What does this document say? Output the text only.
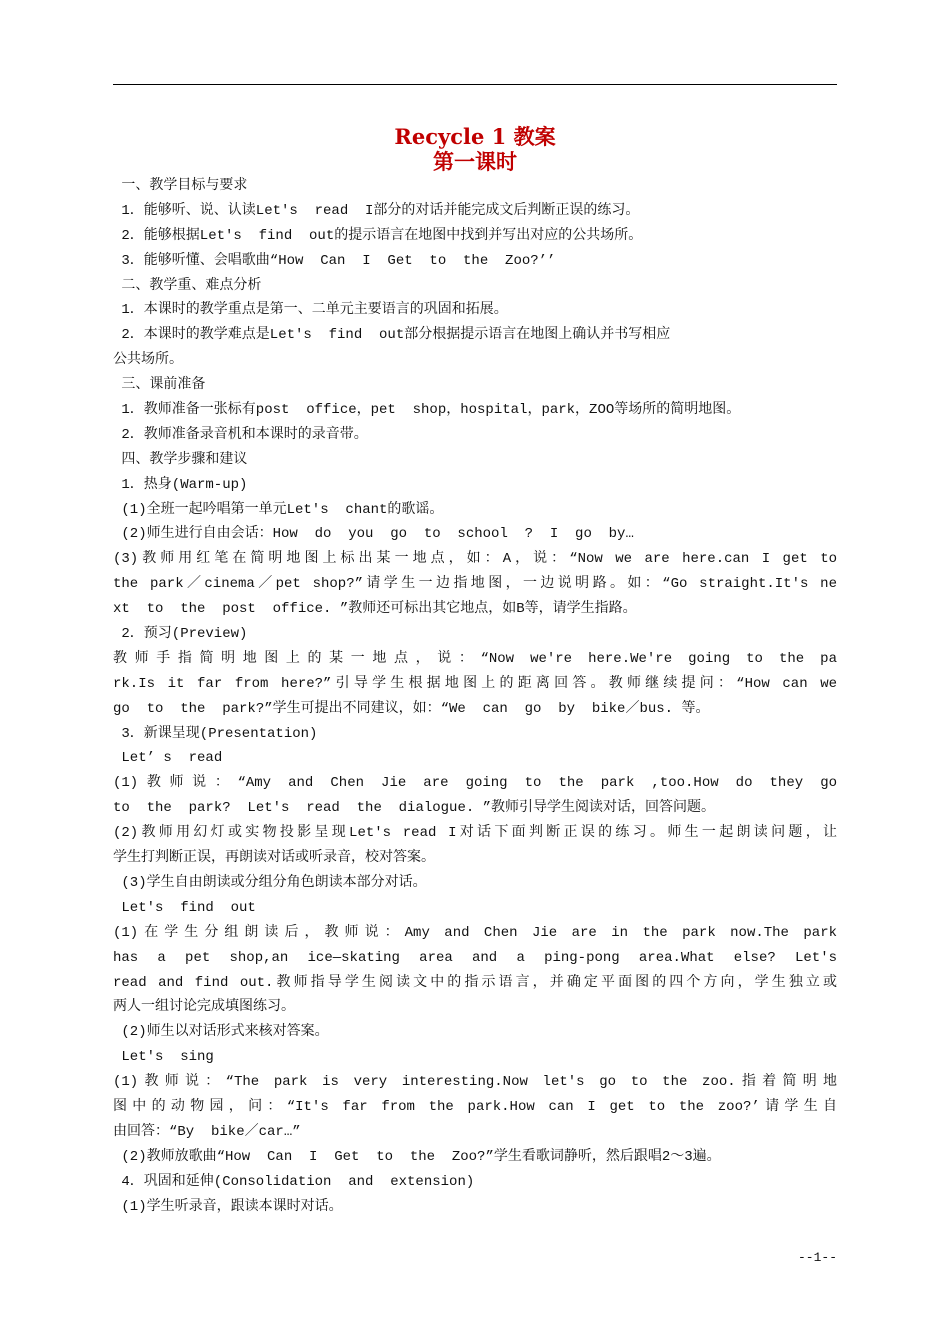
Recycle 1 教案
第一课时
一、教学目标与要求
1．能够听、说、认读Let's  read  I部分的对话并能完成文后判断正误的练习。
2．能够根据Let's  find  out的提示语言在地图中找到并写出对应的公共场所。
3．能够听懂、会唱歌曲“How  Can  I  Get  to  the  Zoo?’’
二、教学重、难点分析
1．本课时的教学重点是第一、二单元主要语言的巩固和拓展。
2．本课时的教学难点是Let's  find  out部分根据提示语言在地图上确认并书写相应
公共场所。
三、课前准备
1．教师准备一张标有post  office，pet  shop，hospital，park，ZOO等场所的简明地图。
2．教师准备录音机和本课时的录音带。
四、教学步骤和建议
1．热身(Warm-up)
(1)全班一起吟唱第一单元Let's  chant的歌谣。
(2)师生进行自由会话：How  do  you  go  to  school  ?  I  go  by…
(3)教师用红笔在简明地图上标出某一地点，如：A，说：“Now we are here.can I get to
the park／cinema／pet shop?”请学生一边指地图，一边说明路。如：“Go straight.It's ne
xt  to  the  post  office. ”教师还可标出其它地点，如B等，请学生指路。
2．预习(Preview)
教师手指简明地图上的某一地点，说：“Now we're here.We're going to the pa
rk.Is it far from here?”引导学生根据地图上的距离回答。教师继续提问：“How can we
go  to  the  park?”学生可提出不同建议，如：“We  can  go  by  bike／bus. 等。
3．新课呈现(Presentation)
Let’ s  read
(1)教师说：“Amy and Chen Jie are going to the park ,too.How do they go
to  the  park?  Let's  read  the  dialogue. ”教师引导学生阅读对话，回答问题。
(2)教师用幻灯或实物投影呈现Let's read I对话下面判断正误的练习。师生一起朗读问题，让
学生打判断正误，再朗读对话或听录音，校对答案。
(3)学生自由朗读或分组分角色朗读本部分对话。
Let's  find  out
(1)在学生分组朗读后，教师说：Amy and Chen Jie are in the park now.The park
has a pet shop,an ice—skating area and a ping-pong area.What else? Let's
read and find out.教师指导学生阅读文中的指示语言，并确定平面图的四个方向，学生独立或
两人一组讨论完成填图练习。
(2)师生以对话形式来核对答案。
Let's  sing
(1)教师说：“The park is very interesting.Now let's go to the zoo.指着简明地
图中的动物园，问：“It's far from the park.How can I get to the zoo?’请学生自
由回答：“By  bike／car…”
(2)教师放歌曲“How  Can  I  Get  to  the  Zoo?”学生看歌词静听，然后跟唱2～3遍。
4．巩固和延伸(Consolidation  and  extension)
(1)学生听录音，跟读本课时对话。
--1--
